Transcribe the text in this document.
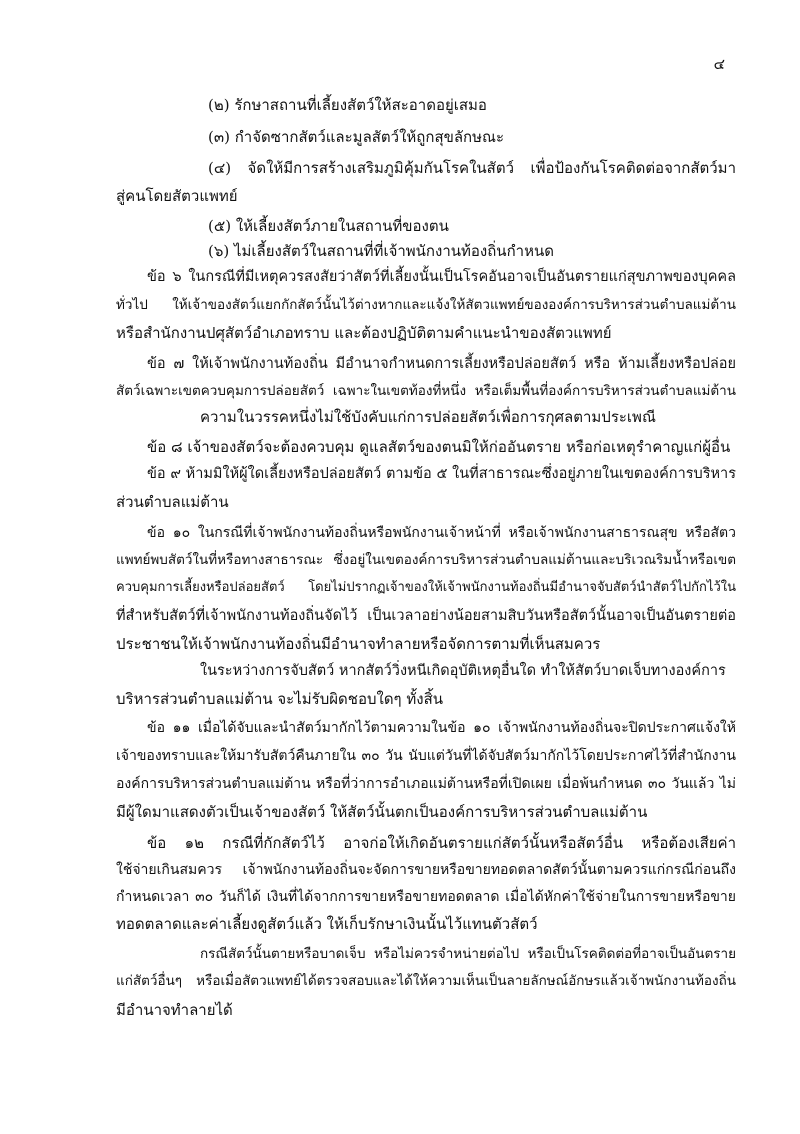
๔
(๒) รักษาสถานที่เลี้ยงสัตว์ให้สะอาดอยู่เสมอ
(๓) กำจัดซากสัตว์และมูลสัตว์ให้ถูกสุขลักษณะ
(๔) จัดให้มีการสร้างเสริมภูมิคุ้มกันโรคในสัตว์ เพื่อป้องกันโรคติดต่อจากสัตว์มา
สู่คนโดยสัตวแพทย์
(๕) ให้เลี้ยงสัตว์ภายในสถานที่ของตน
(๖) ไม่เลี้ยงสัตว์ในสถานที่ที่เจ้าพนักงานท้องถิ่นกำหนด
ข้อ ๖ ในกรณีที่มีเหตุควรสงสัยว่าสัตว์ที่เลี้ยงนั้นเป็นโรคอันอาจเป็นอันตรายแก่สุขภาพของบุคคล
ทั่วไป ให้เจ้าของสัตว์แยกกักสัตว์นั้นไว้ต่างหากและแจ้งให้สัตวแพทย์ขององค์การบริหารส่วนตำบลแม่ต้าน
หรือสำนักงานปศุสัตว์อำเภอทราบ และต้องปฏิบัติตามคำแนะนำของสัตวแพทย์
ข้อ ๗ ให้เจ้าพนักงานท้องถิ่น มีอำนาจกำหนดการเลี้ยงหรือปล่อยสัตว์ หรือ ห้ามเลี้ยงหรือปล่อย
สัตว์เฉพาะเขตควบคุมการปล่อยสัตว์ เฉพาะในเขตท้องที่หนึ่ง หรือเต็มพื้นที่องค์การบริหารส่วนตำบลแม่ต้าน
ความในวรรคหนึ่งไม่ใช้บังคับแก่การปล่อยสัตว์เพื่อการกุศลตามประเพณี
ข้อ ๘ เจ้าของสัตว์จะต้องควบคุม ดูแลสัตว์ของตนมิให้ก่ออันตราย หรือก่อเหตุรำคาญแก่ผู้อื่น
ข้อ ๙ ห้ามมิให้ผู้ใดเลี้ยงหรือปล่อยสัตว์ ตามข้อ ๕ ในที่สาธารณะซึ่งอยู่ภายในเขตองค์การบริหาร
ส่วนตำบลแม่ต้าน
ข้อ ๑๐ ในกรณีที่เจ้าพนักงานท้องถิ่นหรือพนักงานเจ้าหน้าที่ หรือเจ้าพนักงานสาธารณสุข หรือสัตว
แพทย์พบสัตว์ในที่หรือทางสาธารณะ ซึ่งอยู่ในเขตองค์การบริหารส่วนตำบลแม่ต้านและบริเวณริมน้ำหรือเขต
ควบคุมการเลี้ยงหรือปล่อยสัตว์ โดยไม่ปรากฏเจ้าของให้เจ้าพนักงานท้องถิ่นมีอำนาจจับสัตว์นำสัตว์ไปกักไว้ใน
ที่สำหรับสัตว์ที่เจ้าพนักงานท้องถิ่นจัดไว้ เป็นเวลาอย่างน้อยสามสิบวันหรือสัตว์นั้นอาจเป็นอันตรายต่อ
ประชาชนให้เจ้าพนักงานท้องถิ่นมีอำนาจทำลายหรือจัดการตามที่เห็นสมควร
ในระหว่างการจับสัตว์ หากสัตว์วิ่งหนีเกิดอุบัติเหตุอื่นใด ทำให้สัตว์บาดเจ็บทางองค์การ
บริหารส่วนตำบลแม่ต้าน จะไม่รับผิดชอบใดๆ ทั้งสิ้น
ข้อ ๑๑ เมื่อได้จับและนำสัตว์มากักไว้ตามความในข้อ ๑๐ เจ้าพนักงานท้องถิ่นจะปิดประกาศแจ้งให้
เจ้าของทราบและให้มารับสัตว์คืนภายใน ๓๐ วัน นับแต่วันที่ได้จับสัตว์มากักไว้โดยประกาศไว้ที่สำนักงาน
องค์การบริหารส่วนตำบลแม่ต้าน หรือที่ว่าการอำเภอแม่ต้านหรือที่เปิดเผย เมื่อพ้นกำหนด ๓๐ วันแล้ว ไม่
มีผู้ใดมาแสดงตัวเป็นเจ้าของสัตว์ ให้สัตว์นั้นตกเป็นองค์การบริหารส่วนตำบลแม่ต้าน
ข้อ ๑๒ กรณีที่กักสัตว์ไว้ อาจก่อให้เกิดอันตรายแก่สัตว์นั้นหรือสัตว์อื่น หรือต้องเสียค่า
ใช้จ่ายเกินสมควร เจ้าพนักงานท้องถิ่นจะจัดการขายหรือขายทอดตลาดสัตว์นั้นตามควรแก่กรณีก่อนถึง
กำหนดเวลา ๓๐ วันก็ได้ เงินที่ได้จากการขายหรือขายทอดตลาด เมื่อได้หักค่าใช้จ่ายในการขายหรือขาย
ทอดตลาดและค่าเลี้ยงดูสัตว์แล้ว ให้เก็บรักษาเงินนั้นไว้แทนตัวสัตว์
กรณีสัตว์นั้นตายหรือบาดเจ็บ หรือไม่ควรจำหน่ายต่อไป หรือเป็นโรคติดต่อที่อาจเป็นอันตราย
แก่สัตว์อื่นๆ หรือเมื่อสัตวแพทย์ได้ตรวจสอบและได้ให้ความเห็นเป็นลายลักษณ์อักษรแล้วเจ้าพนักงานท้องถิ่น
มีอำนาจทำลายได้
